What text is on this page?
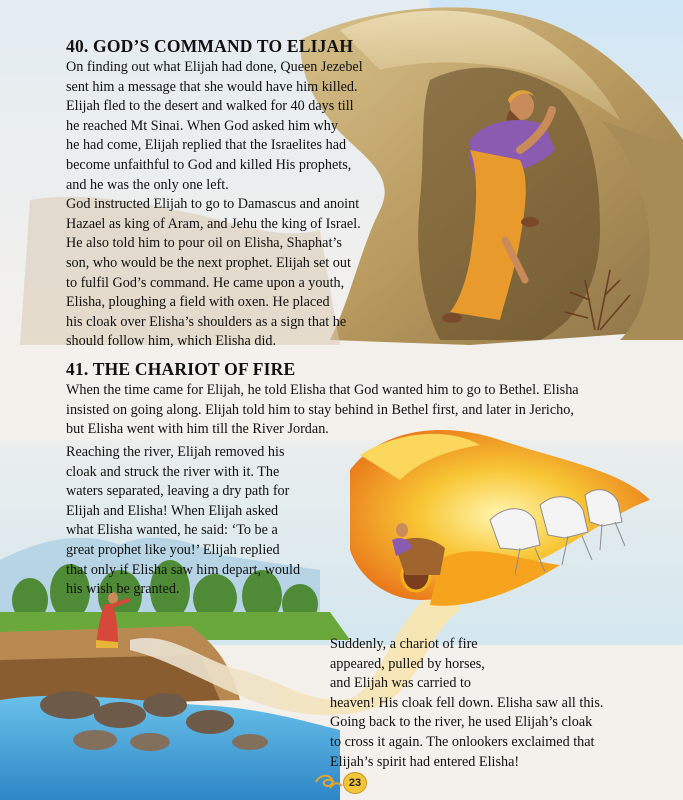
40. GOD’S COMMAND TO ELIJAH
On finding out what Elijah had done, Queen Jezebel
sent him a message that she would have him killed.
Elijah fled to the desert and walked for 40 days till
he reached Mt Sinai. When God asked him why
he had come, Elijah replied that the Israelites had
become unfaithful to God and killed His prophets,
and he was the only one left.
God instructed Elijah to go to Damascus and anoint
Hazael as king of Aram, and Jehu the king of Israel.
He also told him to pour oil on Elisha, Shaphat’s
son, who would be the next prophet. Elijah set out
to fulfil God’s command. He came upon a youth,
Elisha, ploughing a field with oxen. He placed
his cloak over Elisha’s shoulders as a sign that he
should follow him, which Elisha did.
41. THE CHARIOT OF FIRE
When the time came for Elijah, he told Elisha that God wanted him to go to Bethel. Elisha
insisted on going along. Elijah told him to stay behind in Bethel first, and later in Jericho,
but Elisha went with him till the River Jordan.
Reaching the river, Elijah removed his
cloak and struck the river with it. The
waters separated, leaving a dry path for
Elijah and Elisha! When Elijah asked
what Elisha wanted, he said: ‘To be a
great prophet like you!’ Elijah replied
that only if Elisha saw him depart, would
his wish be granted.
Suddenly, a chariot of fire
appeared, pulled by horses,
and Elijah was carried to
heaven! His cloak fell down. Elisha saw all this.
Going back to the river, he used Elijah’s cloak
to cross it again. The onlookers exclaimed that
Elijah’s spirit had entered Elisha!
23
